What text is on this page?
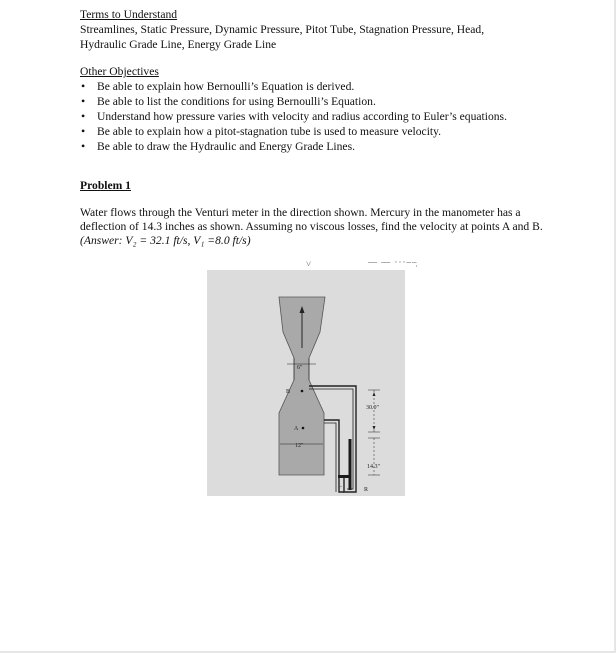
Terms to Understand
Streamlines, Static Pressure, Dynamic Pressure, Pitot Tube, Stagnation Pressure, Head,
Hydraulic Grade Line, Energy Grade Line
Other Objectives
• Be able to explain how Bernoulli’s Equation is derived.
• Be able to list the conditions for using Bernoulli’s Equation.
• Understand how pressure varies with velocity and radius according to Euler’s equations.
• Be able to explain how a pitot-stagnation tube is used to measure velocity.
• Be able to draw the Hydraulic and Energy Grade Lines.
Problem 1
Water flows through the Venturi meter in the direction shown. Mercury in the manometer has a deflection of 14.3 inches as shown. Assuming no viscous losses, find the velocity at points A and B. (Answer: V₂ = 32.1 ft/s, V₁ =8.0 ft/s)
˅	— — ···‒‒̣
6"
B
A
12"
30.0"
14.3"
L
R
